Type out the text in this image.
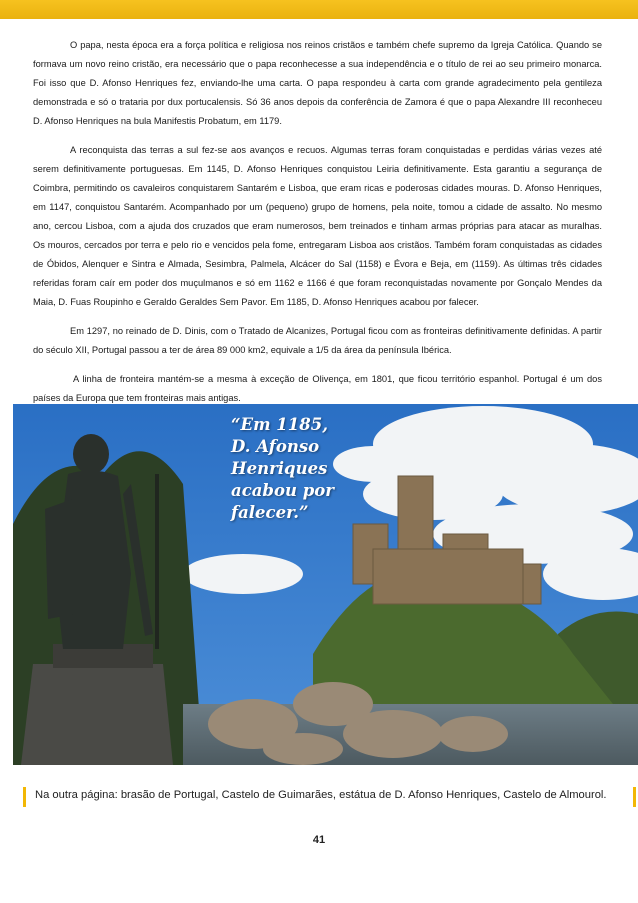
O papa, nesta época era a força política e religiosa nos reinos cristãos e também chefe supremo da Igreja Católica. Quando se formava um novo reino cristão, era necessário que o papa reconhecesse a sua independência e o título de rei ao seu primeiro monarca. Foi isso que D. Afonso Henriques fez, enviando-lhe uma carta. O papa respondeu à carta com grande agradecimento pela gentileza demonstrada e só o trataria por dux portucalensis. Só 36 anos depois da conferência de Zamora é que o papa Alexandre III reconheceu D. Afonso Henriques na bula Manifestis Probatum, em 1179.

A reconquista das terras a sul fez-se aos avanços e recuos. Algumas terras foram conquistadas e perdidas várias vezes até serem definitivamente portuguesas. Em 1145, D. Afonso Henriques conquistou Leiria definitivamente. Esta garantiu a segurança de Coimbra, permitindo os cavaleiros conquistarem Santarém e Lisboa, que eram ricas e poderosas cidades mouras. D. Afonso Henriques, em 1147, conquistou Santarém. Acompanhado por um (pequeno) grupo de homens, pela noite, tomou a cidade de assalto. No mesmo ano, cercou Lisboa, com a ajuda dos cruzados que eram numerosos, bem treinados e tinham armas próprias para atacar as muralhas. Os mouros, cercados por terra e pelo rio e vencidos pela fome, entregaram Lisboa aos cristãos. Também foram conquistadas as cidades de Óbidos, Alenquer e Sintra e Almada, Sesimbra, Palmela, Alcácer do Sal (1158) e Évora e Beja, em (1159). As últimas três cidades referidas foram caír em poder dos muçulmanos e só em 1162 e 1166 é que foram reconquistadas novamente por Gonçalo Mendes da Maia, D. Fuas Roupinho e Geraldo Geraldes Sem Pavor. Em 1185, D. Afonso Henriques acabou por falecer.

Em 1297, no reinado de D. Dinis, com o Tratado de Alcanizes, Portugal ficou com as fronteiras definitivamente definidas. A partir do século XII, Portugal passou a ter de área 89 000 km2, equivale a 1/5 da área da península Ibérica.

A linha de fronteira mantém-se a mesma à exceção de Olivença, em 1801, que ficou território espanhol. Portugal é um dos países da Europa que tem fronteiras mais antigas.

“Em 1185, D. Afonso Henriques acabou por falecer.”
Na outra página: brasão de Portugal, Castelo de Guimarães, estátua de D. Afonso Henriques, Castelo de Almourol.
41
